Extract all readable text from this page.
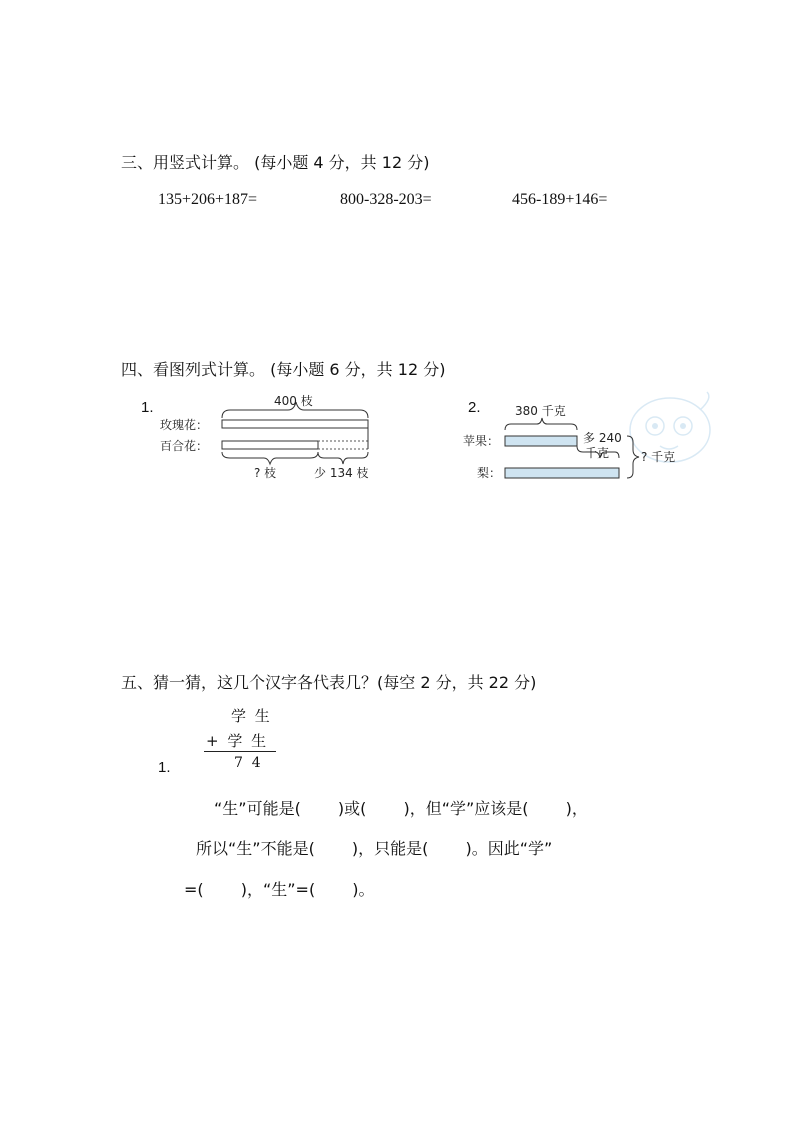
三、用竖式计算。 (每小题 4 分，共 12 分)
135+206+187=	800-328-203=	456-189+146=
四、看图列式计算。 (每小题 6 分，共 12 分)
1.	400 枝
玫瑰花：
百合花：
? 枝	少 134 枝
2.	380 千克
苹果：	多 240
千克
梨：
? 千克
五、猜一猜，这几个汉字各代表几？(每空 2 分，共 22 分)
学 生
+ 学 生
7  4
1.
“生”可能是(　　 )或(　　 )，但“学”应该是(　　 )，
所以“生”不能是(　　 )，只能是(　　 )。因此“学”
=(　　 )，“生”=(　　 )。
